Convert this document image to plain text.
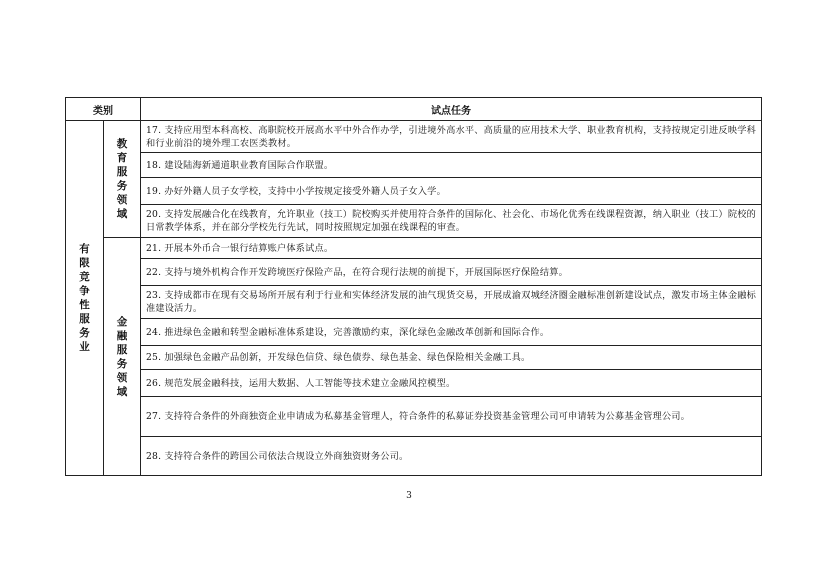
类别		试点任务
有限竞争性服务业	教育服务领域	17. 支持应用型本科高校、高职院校开展高水平中外合作办学，引进境外高水平、高质量的应用技术大学、职业教育机构，支持按规定引进反映学科和行业前沿的境外理工农医类教材。
		18. 建设陆海新通道职业教育国际合作联盟。
		19. 办好外籍人员子女学校，支持中小学按规定接受外籍人员子女入学。
		20. 支持发展融合化在线教育，允许职业（技工）院校购买并使用符合条件的国际化、社会化、市场化优秀在线课程资源，纳入职业（技工）院校的日常教学体系，并在部分学校先行先试，同时按照规定加强在线课程的审查。
	金融服务领域	21. 开展本外币合一银行结算账户体系试点。
		22. 支持与境外机构合作开发跨境医疗保险产品，在符合现行法规的前提下，开展国际医疗保险结算。
		23. 支持成都市在现有交易场所开展有利于行业和实体经济发展的油气现货交易，开展成渝双城经济圈金融标准创新建设试点，激发市场主体金融标准建设活力。
		24. 推进绿色金融和转型金融标准体系建设，完善激励约束，深化绿色金融改革创新和国际合作。
		25. 加强绿色金融产品创新，开发绿色信贷、绿色债券、绿色基金、绿色保险相关金融工具。
		26. 规范发展金融科技，运用大数据、人工智能等技术建立金融风控模型。
		27. 支持符合条件的外商独资企业申请成为私募基金管理人，符合条件的私募证券投资基金管理公司可申请转为公募基金管理公司。
		28. 支持符合条件的跨国公司依法合规设立外商独资财务公司。
3
